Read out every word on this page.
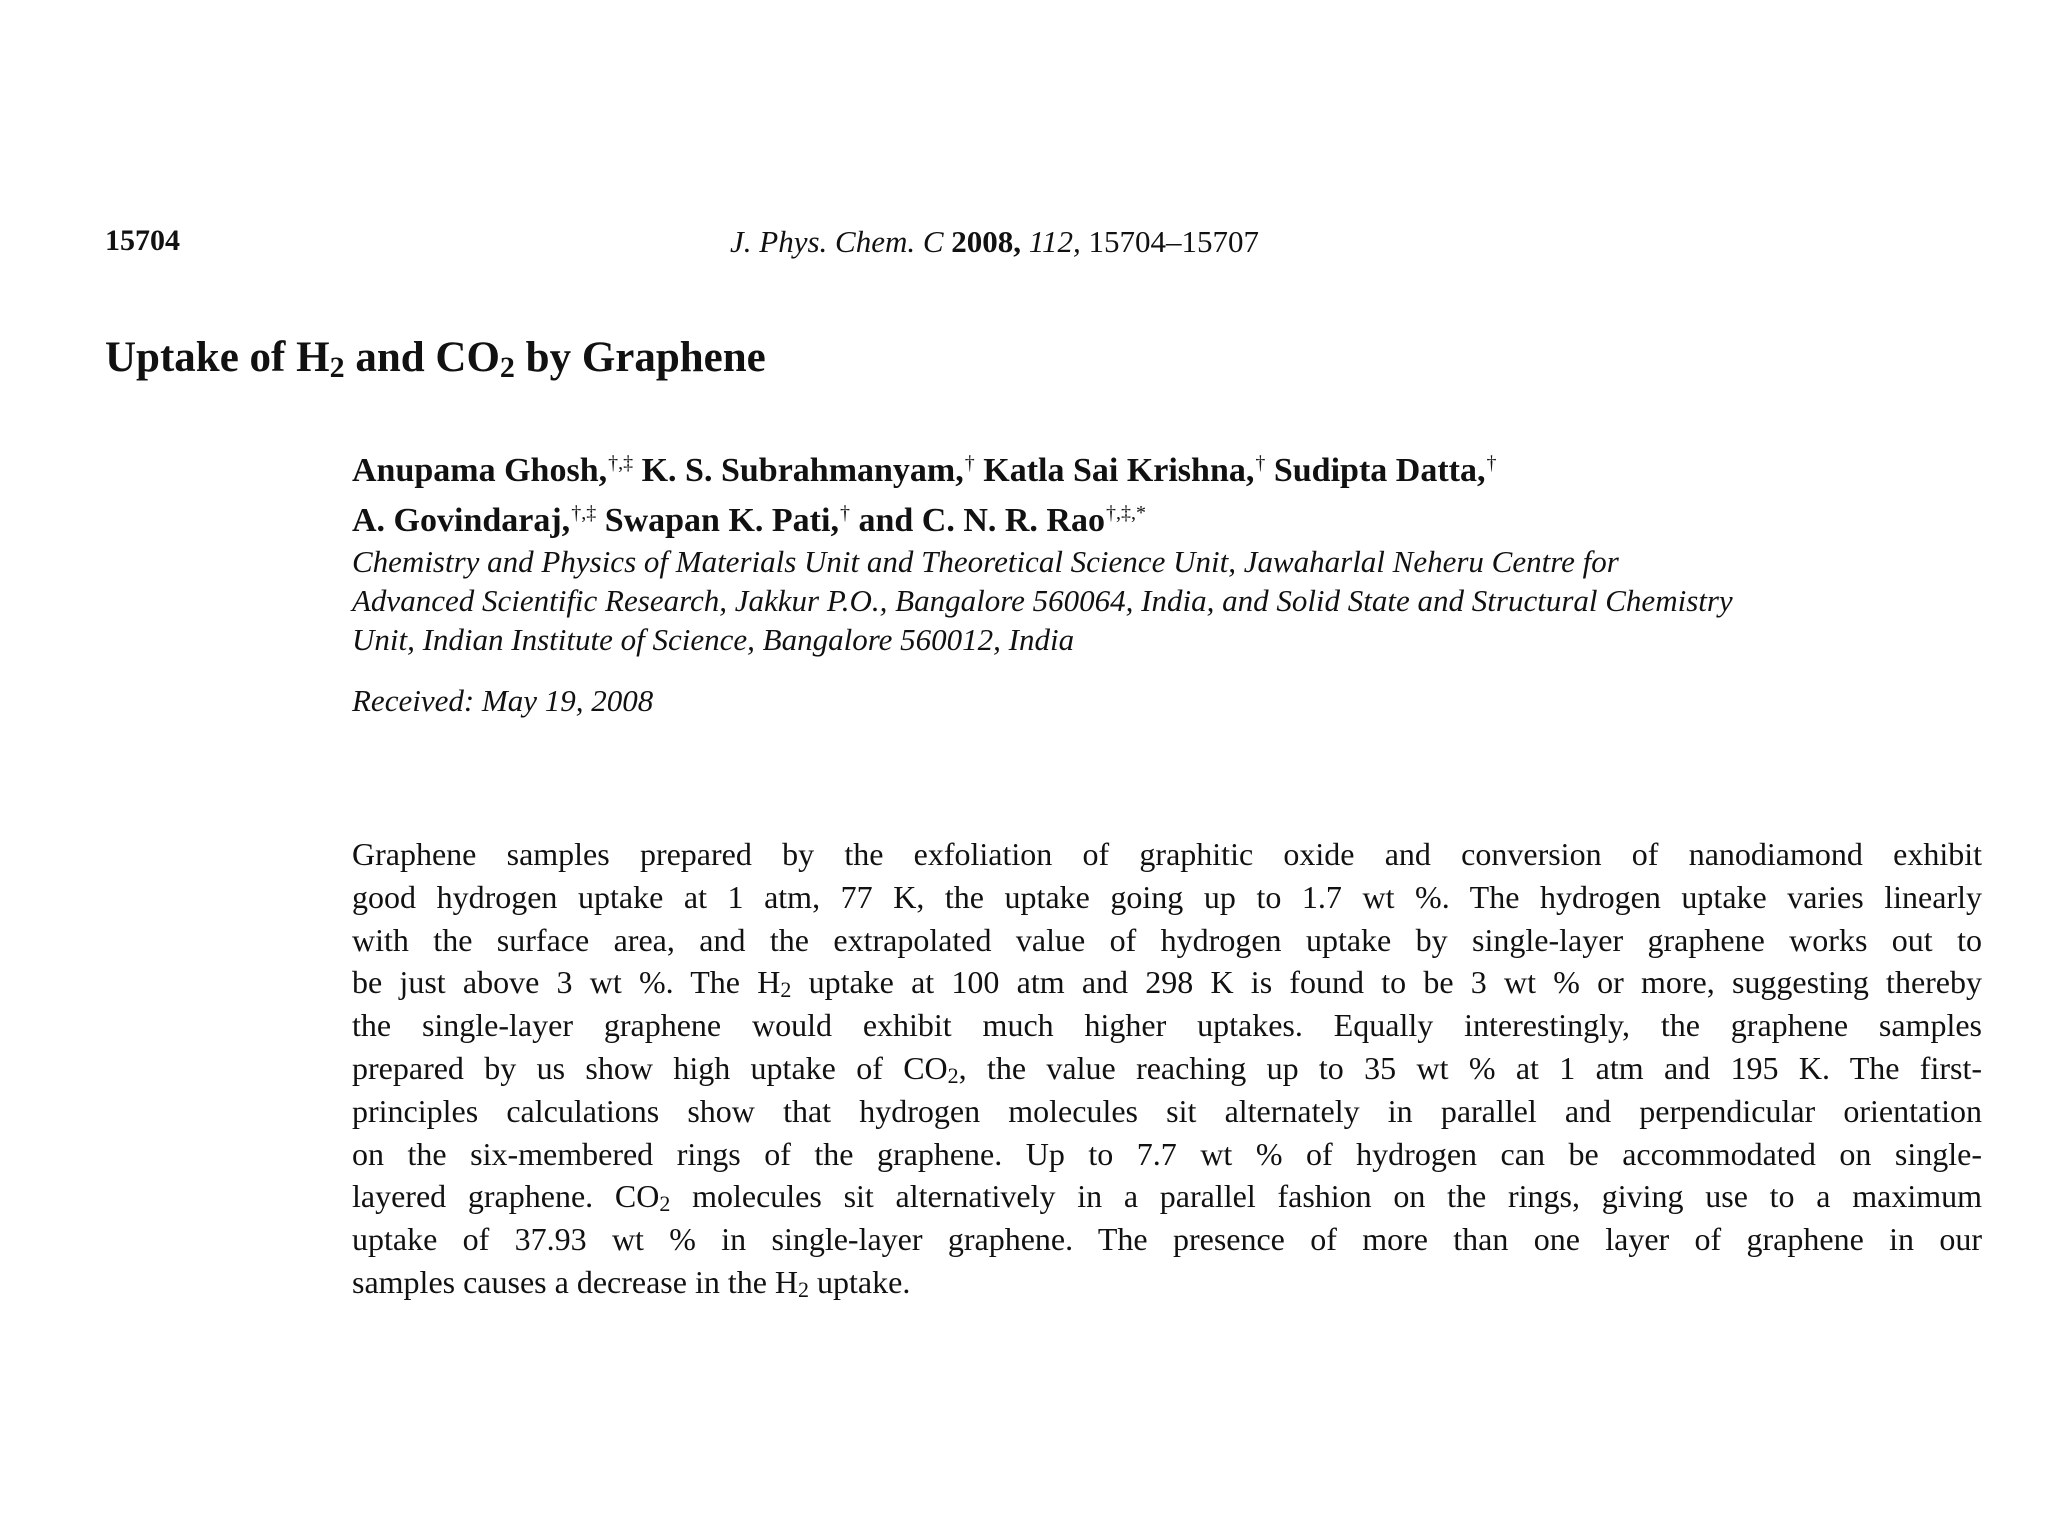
15704	J. Phys. Chem. C 2008, 112, 15704–15707
Uptake of $H_2$ and $CO_2$ by Graphene
Anupama Ghosh,†,‡ K. S. Subrahmanyam,† Katla Sai Krishna,† Sudipta Datta,†
A. Govindaraj,†,‡ Swapan K. Pati,† and C. N. R. Rao†,‡,*
Chemistry and Physics of Materials Unit and Theoretical Science Unit, Jawaharlal Neheru Centre for
Advanced Scientific Research, Jakkur P.O., Bangalore 560064, India, and Solid State and Structural Chemistry
Unit, Indian Institute of Science, Bangalore 560012, India
Received: May 19, 2008
Graphene samples prepared by the exfoliation of graphitic oxide and conversion of nanodiamond exhibit
good hydrogen uptake at 1 atm, 77 K, the uptake going up to 1.7 wt %. The hydrogen uptake varies linearly
with the surface area, and the extrapolated value of hydrogen uptake by single-layer graphene works out to
be just above 3 wt %. The $H_2$ uptake at 100 atm and 298 K is found to be 3 wt % or more, suggesting thereby
the single-layer graphene would exhibit much higher uptakes. Equally interestingly, the graphene samples
prepared by us show high uptake of $CO_2$, the value reaching up to 35 wt % at 1 atm and 195 K. The first-
principles calculations show that hydrogen molecules sit alternately in parallel and perpendicular orientation
on the six-membered rings of the graphene. Up to 7.7 wt % of hydrogen can be accommodated on single-
layered graphene. $CO_2$ molecules sit alternatively in a parallel fashion on the rings, giving use to a maximum
uptake of 37.93 wt % in single-layer graphene. The presence of more than one layer of graphene in our
samples causes a decrease in the $H_2$ uptake.
